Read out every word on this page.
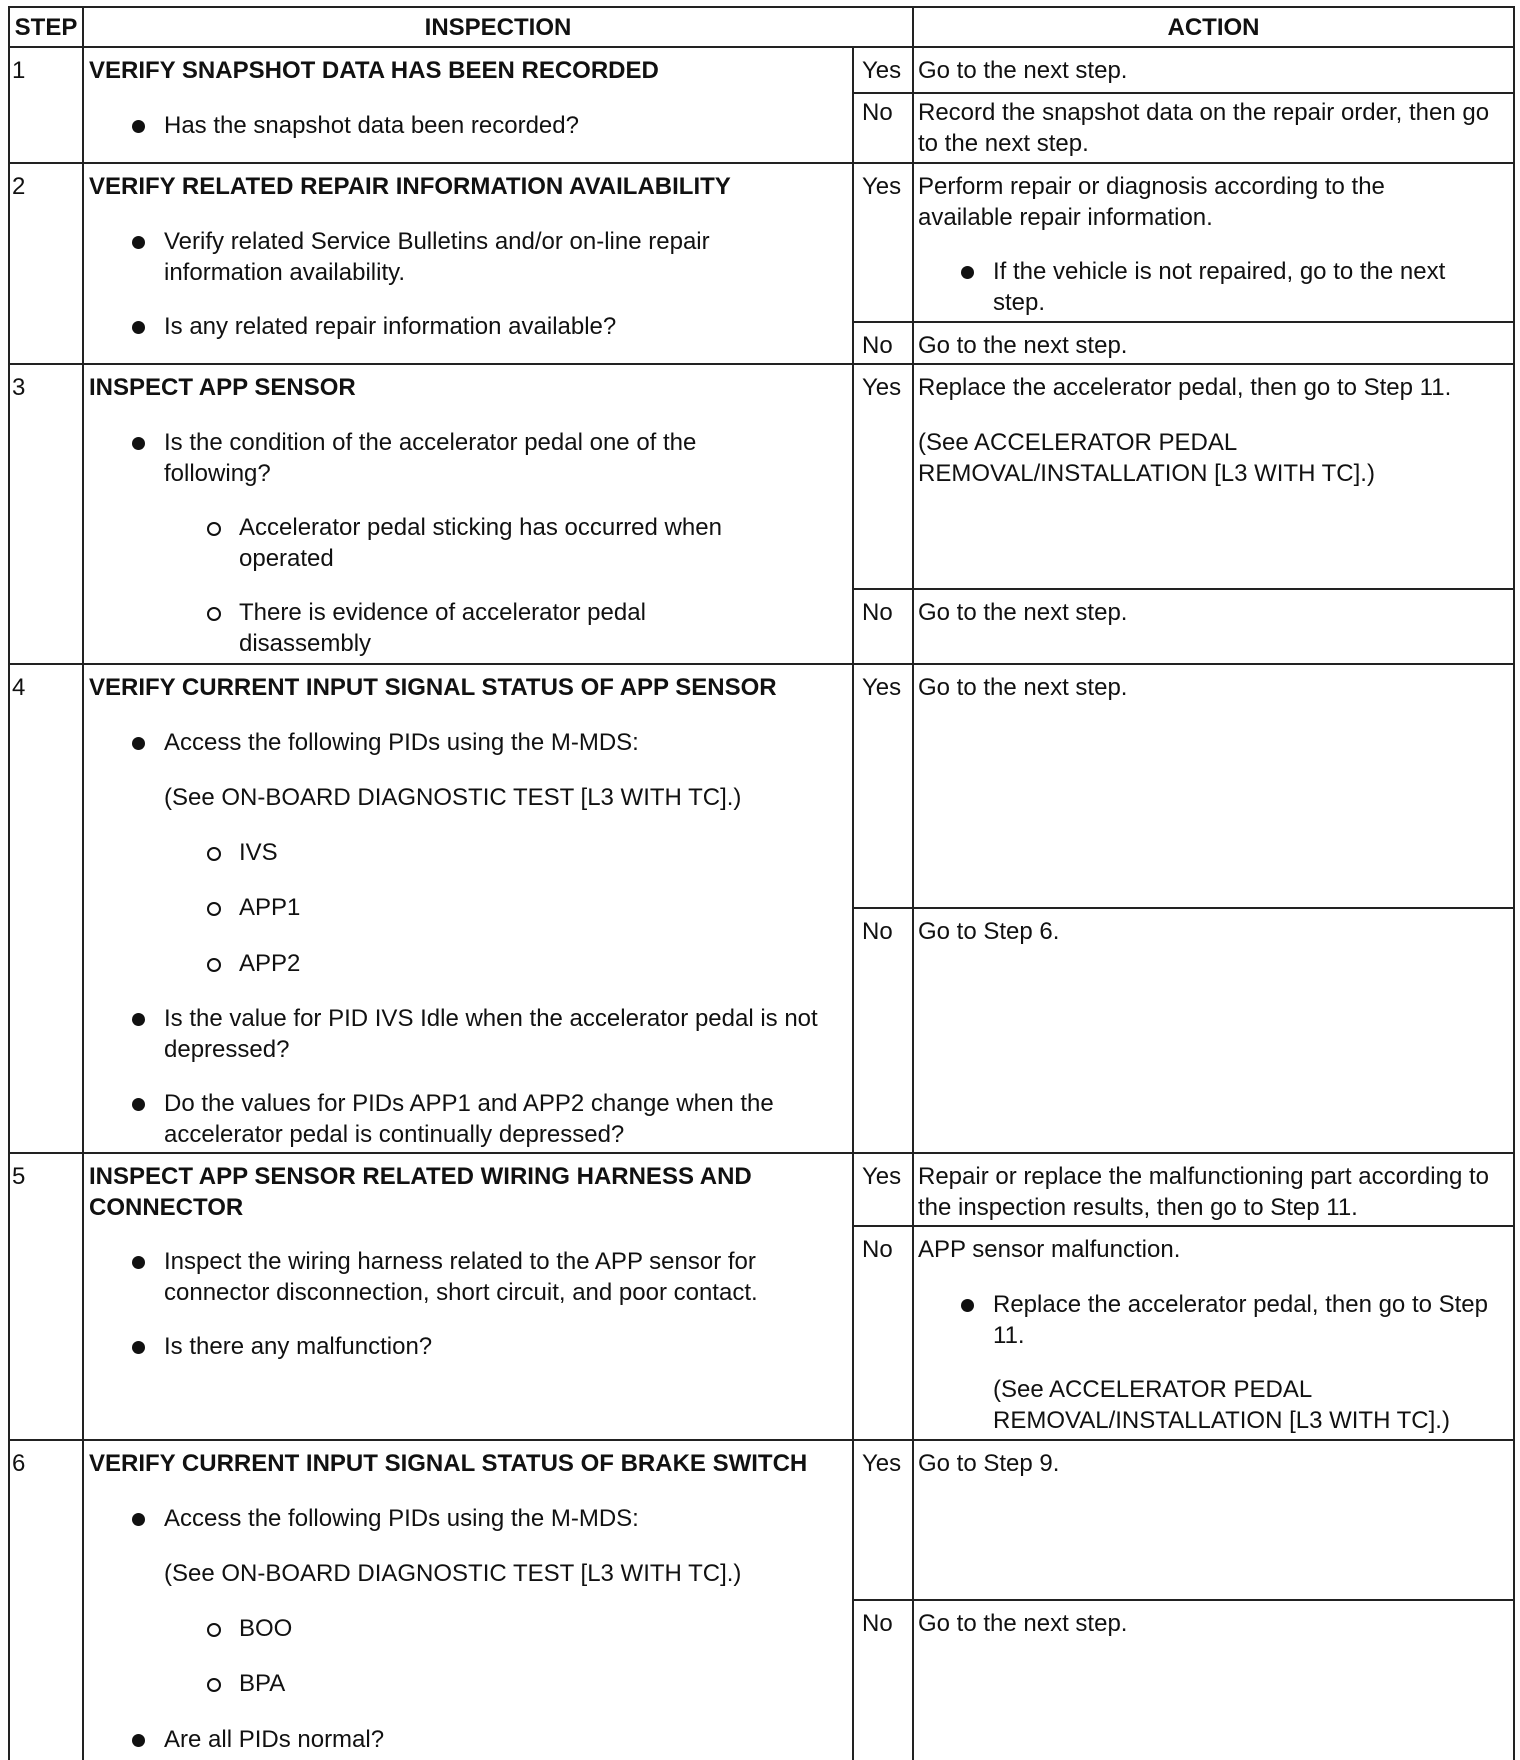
STEP	INSPECTION	ACTION
1	VERIFY SNAPSHOT DATA HAS BEEN RECORDED
Has the snapshot data been recorded?
Yes Go to the next step.
No Record the snapshot data on the repair order, then go to the next step.
2	VERIFY RELATED REPAIR INFORMATION AVAILABILITY
Verify related Service Bulletins and/or on-line repair information availability.
Is any related repair information available?
Yes Perform repair or diagnosis according to the available repair information.
If the vehicle is not repaired, go to the next step.
No Go to the next step.
3	INSPECT APP SENSOR
Is the condition of the accelerator pedal one of the following?
Accelerator pedal sticking has occurred when operated
There is evidence of accelerator pedal disassembly
Yes Replace the accelerator pedal, then go to Step 11.
(See ACCELERATOR PEDAL REMOVAL/INSTALLATION [L3 WITH TC].)
No Go to the next step.
4	VERIFY CURRENT INPUT SIGNAL STATUS OF APP SENSOR
Access the following PIDs using the M-MDS:
(See ON-BOARD DIAGNOSTIC TEST [L3 WITH TC].)
IVS
APP1
APP2
Is the value for PID IVS Idle when the accelerator pedal is not depressed?
Do the values for PIDs APP1 and APP2 change when the accelerator pedal is continually depressed?
Yes Go to the next step.
No Go to Step 6.
5	INSPECT APP SENSOR RELATED WIRING HARNESS AND CONNECTOR
Inspect the wiring harness related to the APP sensor for connector disconnection, short circuit, and poor contact.
Is there any malfunction?
Yes Repair or replace the malfunctioning part according to the inspection results, then go to Step 11.
No APP sensor malfunction.
Replace the accelerator pedal, then go to Step 11.
(See ACCELERATOR PEDAL REMOVAL/INSTALLATION [L3 WITH TC].)
6	VERIFY CURRENT INPUT SIGNAL STATUS OF BRAKE SWITCH
Access the following PIDs using the M-MDS:
(See ON-BOARD DIAGNOSTIC TEST [L3 WITH TC].)
BOO
BPA
Are all PIDs normal?
Yes Go to Step 9.
No Go to the next step.
